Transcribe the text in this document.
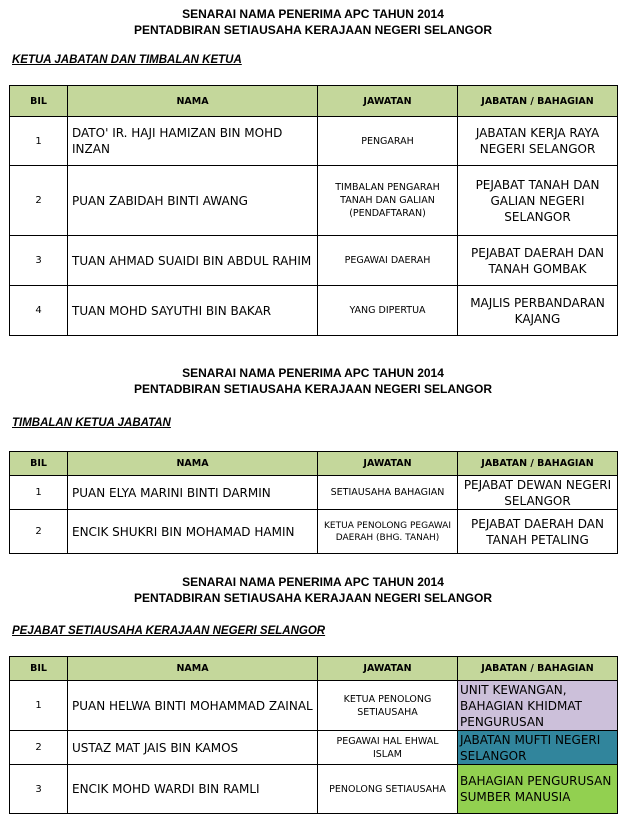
SENARAI NAMA PENERIMA APC TAHUN 2014
PENTADBIRAN SETIAUSAHA KERAJAAN NEGERI SELANGOR
KETUA JABATAN DAN TIMBALAN KETUA
BIL	NAMA	JAWATAN	JABATAN / BAHAGIAN
1	DATO' IR. HAJI HAMIZAN BIN MOHD INZAN	PENGARAH	JABATAN KERJA RAYA NEGERI SELANGOR
2	PUAN ZABIDAH BINTI AWANG	TIMBALAN PENGARAH TANAH DAN GALIAN (PENDAFTARAN)	PEJABAT TANAH DAN GALIAN NEGERI SELANGOR
3	TUAN AHMAD SUAIDI BIN ABDUL RAHIM	PEGAWAI DAERAH	PEJABAT DAERAH DAN TANAH GOMBAK
4	TUAN MOHD SAYUTHI BIN BAKAR	YANG DIPERTUA	MAJLIS PERBANDARAN KAJANG
SENARAI NAMA PENERIMA APC TAHUN 2014
PENTADBIRAN SETIAUSAHA KERAJAAN NEGERI SELANGOR
TIMBALAN KETUA JABATAN
BIL	NAMA	JAWATAN	JABATAN / BAHAGIAN
1	PUAN ELYA MARINI BINTI DARMIN	SETIAUSAHA BAHAGIAN	PEJABAT DEWAN NEGERI SELANGOR
2	ENCIK SHUKRI BIN MOHAMAD HAMIN	KETUA PENOLONG PEGAWAI DAERAH (BHG. TANAH)	PEJABAT DAERAH DAN TANAH PETALING
SENARAI NAMA PENERIMA APC TAHUN 2014
PENTADBIRAN SETIAUSAHA KERAJAAN NEGERI SELANGOR
PEJABAT SETIAUSAHA KERAJAAN NEGERI SELANGOR
BIL	NAMA	JAWATAN	JABATAN / BAHAGIAN
1	PUAN HELWA BINTI MOHAMMAD ZAINAL	KETUA PENOLONG SETIAUSAHA	UNIT KEWANGAN, BAHAGIAN KHIDMAT PENGURUSAN
2	USTAZ MAT JAIS BIN KAMOS	PEGAWAI HAL EHWAL ISLAM	JABATAN MUFTI NEGERI SELANGOR
3	ENCIK MOHD WARDI BIN RAMLI	PENOLONG SETIAUSAHA	BAHAGIAN PENGURUSAN SUMBER MANUSIA
